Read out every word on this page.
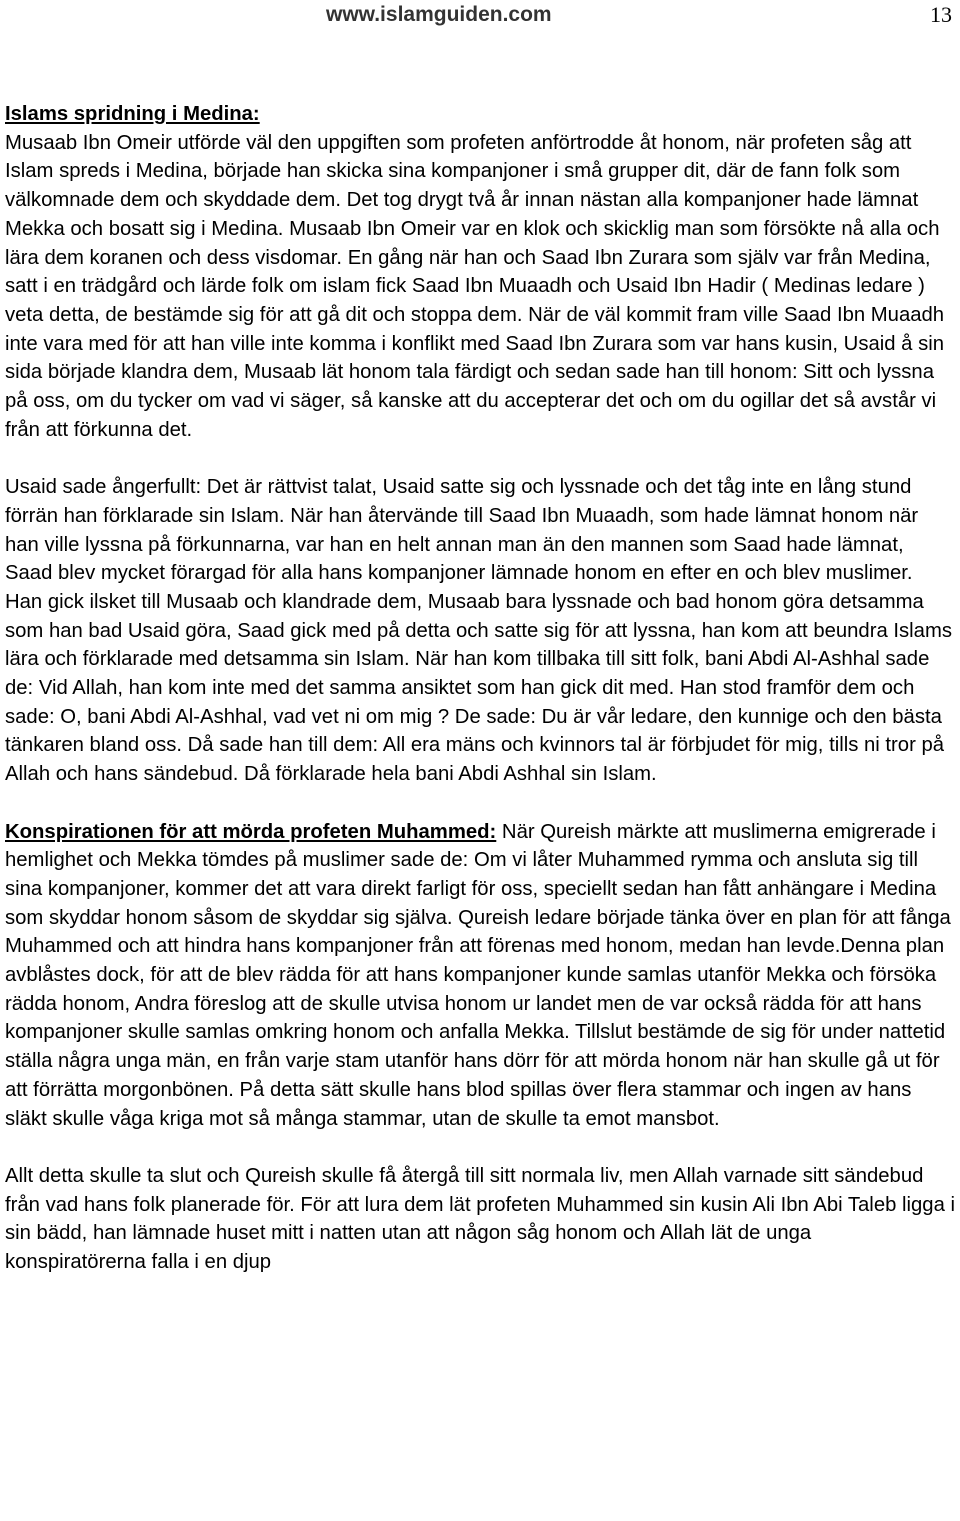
www.islamguiden.com	13

Islams spridning i Medina:
Musaab Ibn Omeir utförde väl den uppgiften som profeten anförtrodde åt honom, när profeten såg att Islam spreds i Medina, började han skicka sina kompanjoner i små grupper dit, där de fann folk som välkomnade dem och skyddade dem. Det tog drygt två år innan nästan alla kompanjoner hade lämnat Mekka och bosatt sig i Medina. Musaab Ibn Omeir var en klok och skicklig man som försökte nå alla och lära dem koranen och dess visdomar. En gång när han och Saad Ibn Zurara som själv var från Medina, satt i en trädgård och lärde folk om islam fick Saad Ibn Muaadh och Usaid Ibn Hadir ( Medinas ledare ) veta detta, de bestämde sig för att gå dit och stoppa dem. När de väl kommit fram ville Saad Ibn Muaadh inte vara med för att han ville inte komma i konflikt med Saad Ibn Zurara som var hans kusin, Usaid å sin sida började klandra dem, Musaab lät honom tala färdigt och sedan sade han till honom: Sitt och lyssna på oss, om du tycker om vad vi säger, så kanske att du accepterar det och om du ogillar det så avstår vi från att förkunna det.

Usaid sade ångerfullt: Det är rättvist talat, Usaid satte sig och lyssnade och det tåg inte en lång stund förrän han förklarade sin Islam. När han återvände till Saad Ibn Muaadh, som hade lämnat honom när han ville lyssna på förkunnarna, var han en helt annan man än den mannen som Saad hade lämnat, Saad blev mycket förargad för alla hans kompanjoner lämnade honom en efter en och blev muslimer. Han gick ilsket till Musaab och klandrade dem, Musaab bara lyssnade och bad honom göra detsamma som han bad Usaid göra, Saad gick med på detta och satte sig för att lyssna, han kom att beundra Islams lära och förklarade med detsamma sin Islam. När han kom tillbaka till sitt folk, bani Abdi Al-Ashhal sade de: Vid Allah, han kom inte med det samma ansiktet som han gick dit med. Han stod framför dem och sade: O, bani Abdi Al-Ashhal, vad vet ni om mig ? De sade: Du är vår ledare, den kunnige och den bästa tänkaren bland oss. Då sade han till dem: All era mäns och kvinnors tal är förbjudet för mig, tills ni tror på Allah och hans sändebud. Då förklarade hela bani Abdi Ashhal sin Islam.

Konspirationen för att mörda profeten Muhammed: När Qureish märkte att muslimerna emigrerade i hemlighet och Mekka tömdes på muslimer sade de: Om vi låter Muhammed rymma och ansluta sig till sina kompanjoner, kommer det att vara direkt farligt för oss, speciellt sedan han fått anhängare i Medina som skyddar honom såsom de skyddar sig själva. Qureish ledare började tänka över en plan för att fånga Muhammed och att hindra hans kompanjoner från att förenas med honom, medan han levde.Denna plan avblåstes dock, för att de blev rädda för att hans kompanjoner kunde samlas utanför Mekka och försöka rädda honom, Andra föreslog att de skulle utvisa honom ur landet men de var också rädda för att hans kompanjoner skulle samlas omkring honom och anfalla Mekka. Tillslut bestämde de sig för under nattetid ställa några unga män, en från varje stam utanför hans dörr för att mörda honom när han skulle gå ut för att förrätta morgonbönen. På detta sätt skulle hans blod spillas över flera stammar och ingen av hans släkt skulle våga kriga mot så många stammar, utan de skulle ta emot mansbot.

Allt detta skulle ta slut och Qureish skulle få återgå till sitt normala liv, men Allah varnade sitt sändebud från vad hans folk planerade för. För att lura dem lät profeten Muhammed sin kusin Ali Ibn Abi Taleb ligga i sin bädd, han lämnade huset mitt i natten utan att någon såg honom och Allah lät de unga konspiratörerna falla i en djup
